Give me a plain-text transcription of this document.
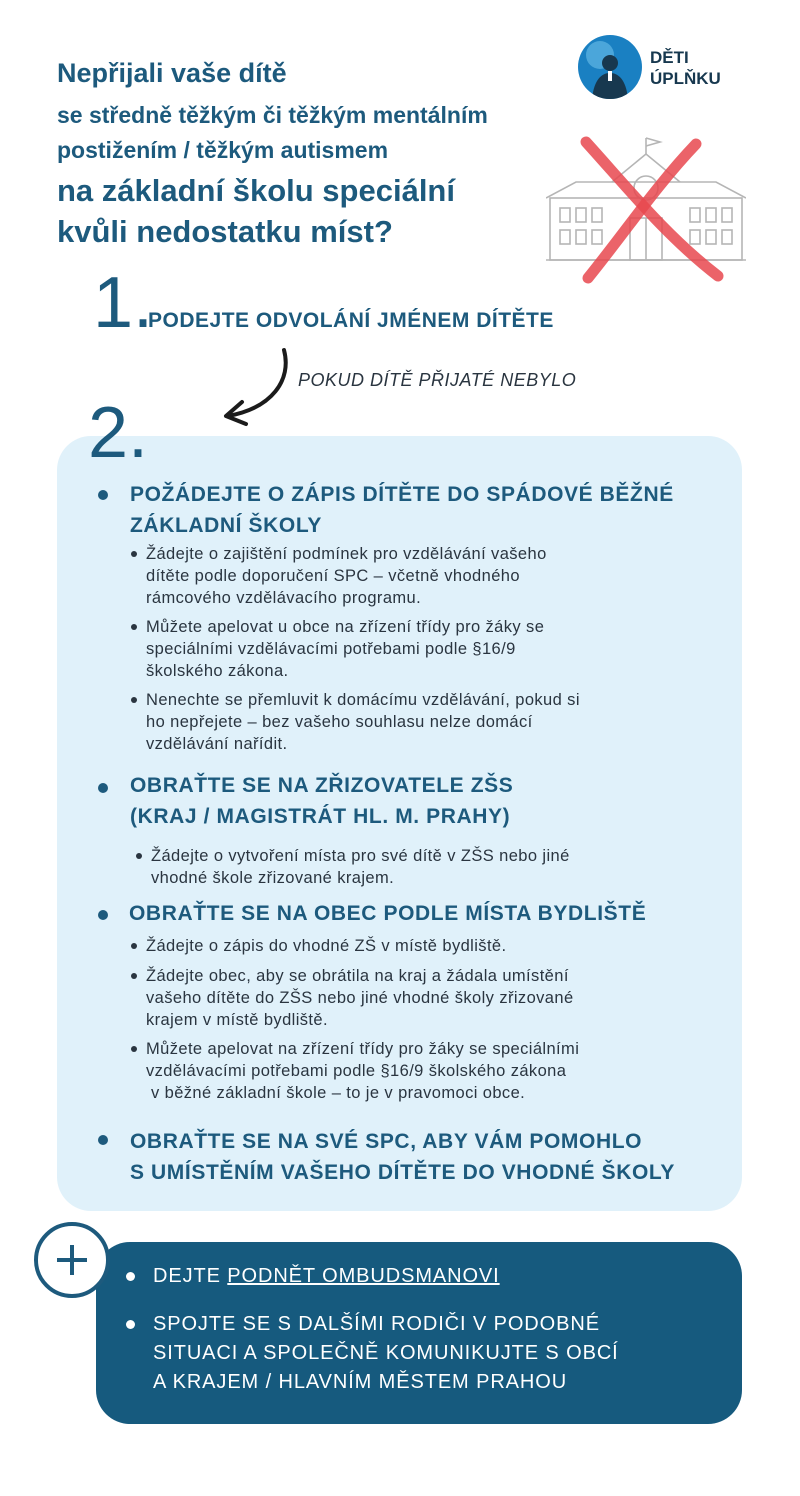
Nepřijali vaše dítě
se středně těžkým či těžkým mentálním
postižením / těžkým autismem
na základní školu speciální
kvůli nedostatku míst?
DĚTI
ÚPLŇKU
1.
PODEJTE ODVOLÁNÍ JMÉNEM DÍTĚTE
POKUD DÍTĚ PŘIJATÉ NEBYLO
2.
POŽÁDEJTE O ZÁPIS DÍTĚTE DO SPÁDOVÉ BĚŽNÉ
ZÁKLADNÍ ŠKOLY
Žádejte o zajištění podmínek pro vzdělávání vašeho
dítěte podle doporučení SPC – včetně vhodného
rámcového vzdělávacího programu.
Můžete apelovat u obce na zřízení třídy pro žáky se
speciálními vzdělávacími potřebami podle §16/9
školského zákona.
Nenechte se přemluvit k domácímu vzdělávání, pokud si
ho nepřejete – bez vašeho souhlasu nelze domácí
vzdělávání nařídit.
OBRAŤTE SE NA ZŘIZOVATELE ZŠS
(KRAJ / MAGISTRÁT HL. M. PRAHY)
Žádejte o vytvoření místa pro své dítě v ZŠS nebo jiné
vhodné škole zřizované krajem.
OBRAŤTE SE NA OBEC PODLE MÍSTA BYDLIŠTĚ
Žádejte o zápis do vhodné ZŠ v místě bydliště.
Žádejte obec, aby se obrátila na kraj a žádala umístění
vašeho dítěte do ZŠS nebo jiné vhodné školy zřizované
krajem v místě bydliště.
Můžete apelovat na zřízení třídy pro žáky se speciálními
vzdělávacími potřebami podle §16/9 školského zákona
v běžné základní škole – to je v pravomoci obce.
OBRAŤTE SE NA SVÉ SPC, ABY VÁM POMOHLO
S UMÍSTĚNÍM VAŠEHO DÍTĚTE DO VHODNÉ ŠKOLY
DEJTE PODNĚT OMBUDSMANOVI
SPOJTE SE S DALŠÍMI RODIČI V PODOBNÉ
SITUACI A SPOLEČNĚ KOMUNIKUJTE S OBCÍ
A KRAJEM / HLAVNÍM MĚSTEM PRAHOU
